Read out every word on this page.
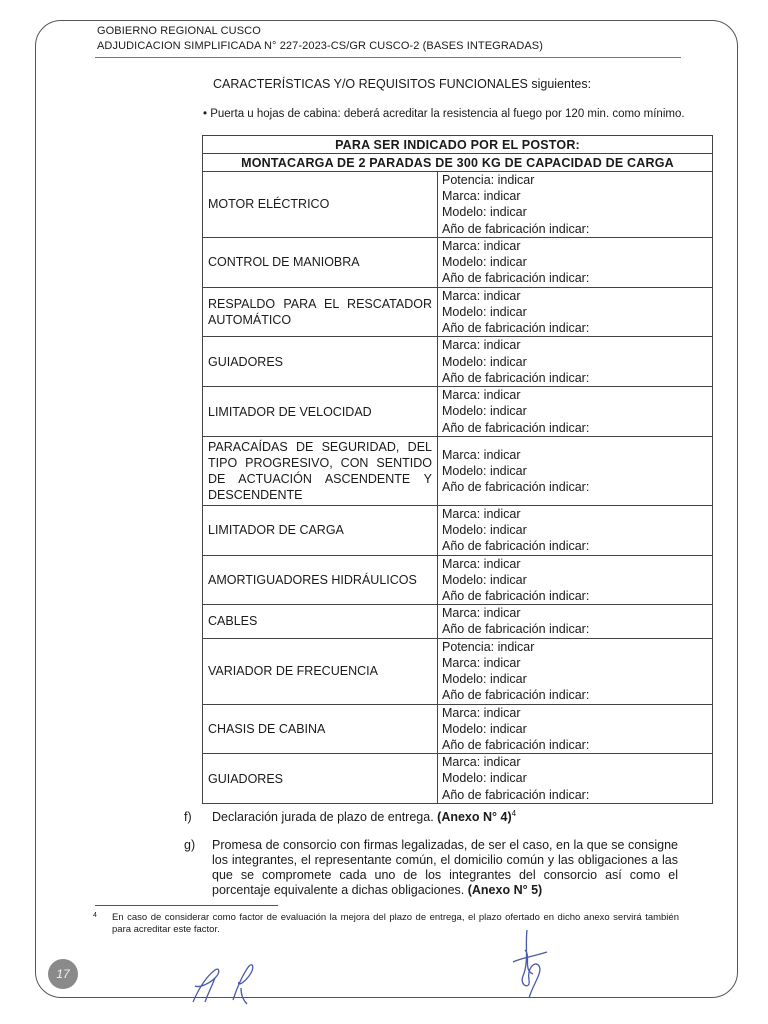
GOBIERNO REGIONAL CUSCO
ADJUDICACION SIMPLIFICADA N° 227-2023-CS/GR CUSCO-2 (BASES INTEGRADAS)
CARACTERÍSTICAS Y/O REQUISITOS FUNCIONALES siguientes:
• Puerta u hojas de cabina: deberá acreditar la resistencia al fuego por 120 min. como mínimo.
PARA SER INDICADO POR EL POSTOR:	
MONTACARGA DE 2 PARADAS DE 300 KG DE CAPACIDAD DE CARGA	
MOTOR ELÉCTRICO	Potencia: indicar
Marca: indicar
Modelo: indicar
Año de fabricación indicar:

CONTROL DE MANIOBRA	Marca: indicar
Modelo: indicar
Año de fabricación indicar:

RESPALDO PARA EL RESCATADOR AUTOMÁTICO	Marca: indicar
Modelo: indicar
Año de fabricación indicar:

GUIADORES	Marca: indicar
Modelo: indicar
Año de fabricación indicar:

LIMITADOR DE VELOCIDAD	Marca: indicar
Modelo: indicar
Año de fabricación indicar:

PARACAÍDAS DE SEGURIDAD, DEL TIPO PROGRESIVO, CON SENTIDO DE ACTUACIÓN ASCENDENTE Y DESCENDENTE	Marca: indicar
Modelo: indicar
Año de fabricación indicar:

LIMITADOR DE CARGA	Marca: indicar
Modelo: indicar
Año de fabricación indicar:

AMORTIGUADORES HIDRÁULICOS	Marca: indicar
Modelo: indicar
Año de fabricación indicar:

CABLES	Marca: indicar
Año de fabricación indicar:

VARIADOR DE FRECUENCIA	Potencia: indicar
Marca: indicar
Modelo: indicar
Año de fabricación indicar:

CHASIS DE CABINA	Marca: indicar
Modelo: indicar
Año de fabricación indicar:

GUIADORES	Marca: indicar
Modelo: indicar
Año de fabricación indicar:
f) Declaración jurada de plazo de entrega. (Anexo N° 4)$^4$
g) Promesa de consorcio con firmas legalizadas, de ser el caso, en la que se consigne los integrantes, el representante común, el domicilio común y las obligaciones a las que se compromete cada uno de los integrantes del consorcio así como el porcentaje equivalente a dichas obligaciones. (Anexo N° 5)
4 En caso de considerar como factor de evaluación la mejora del plazo de entrega, el plazo ofertado en dicho anexo servirá también para acreditar este factor.
17
